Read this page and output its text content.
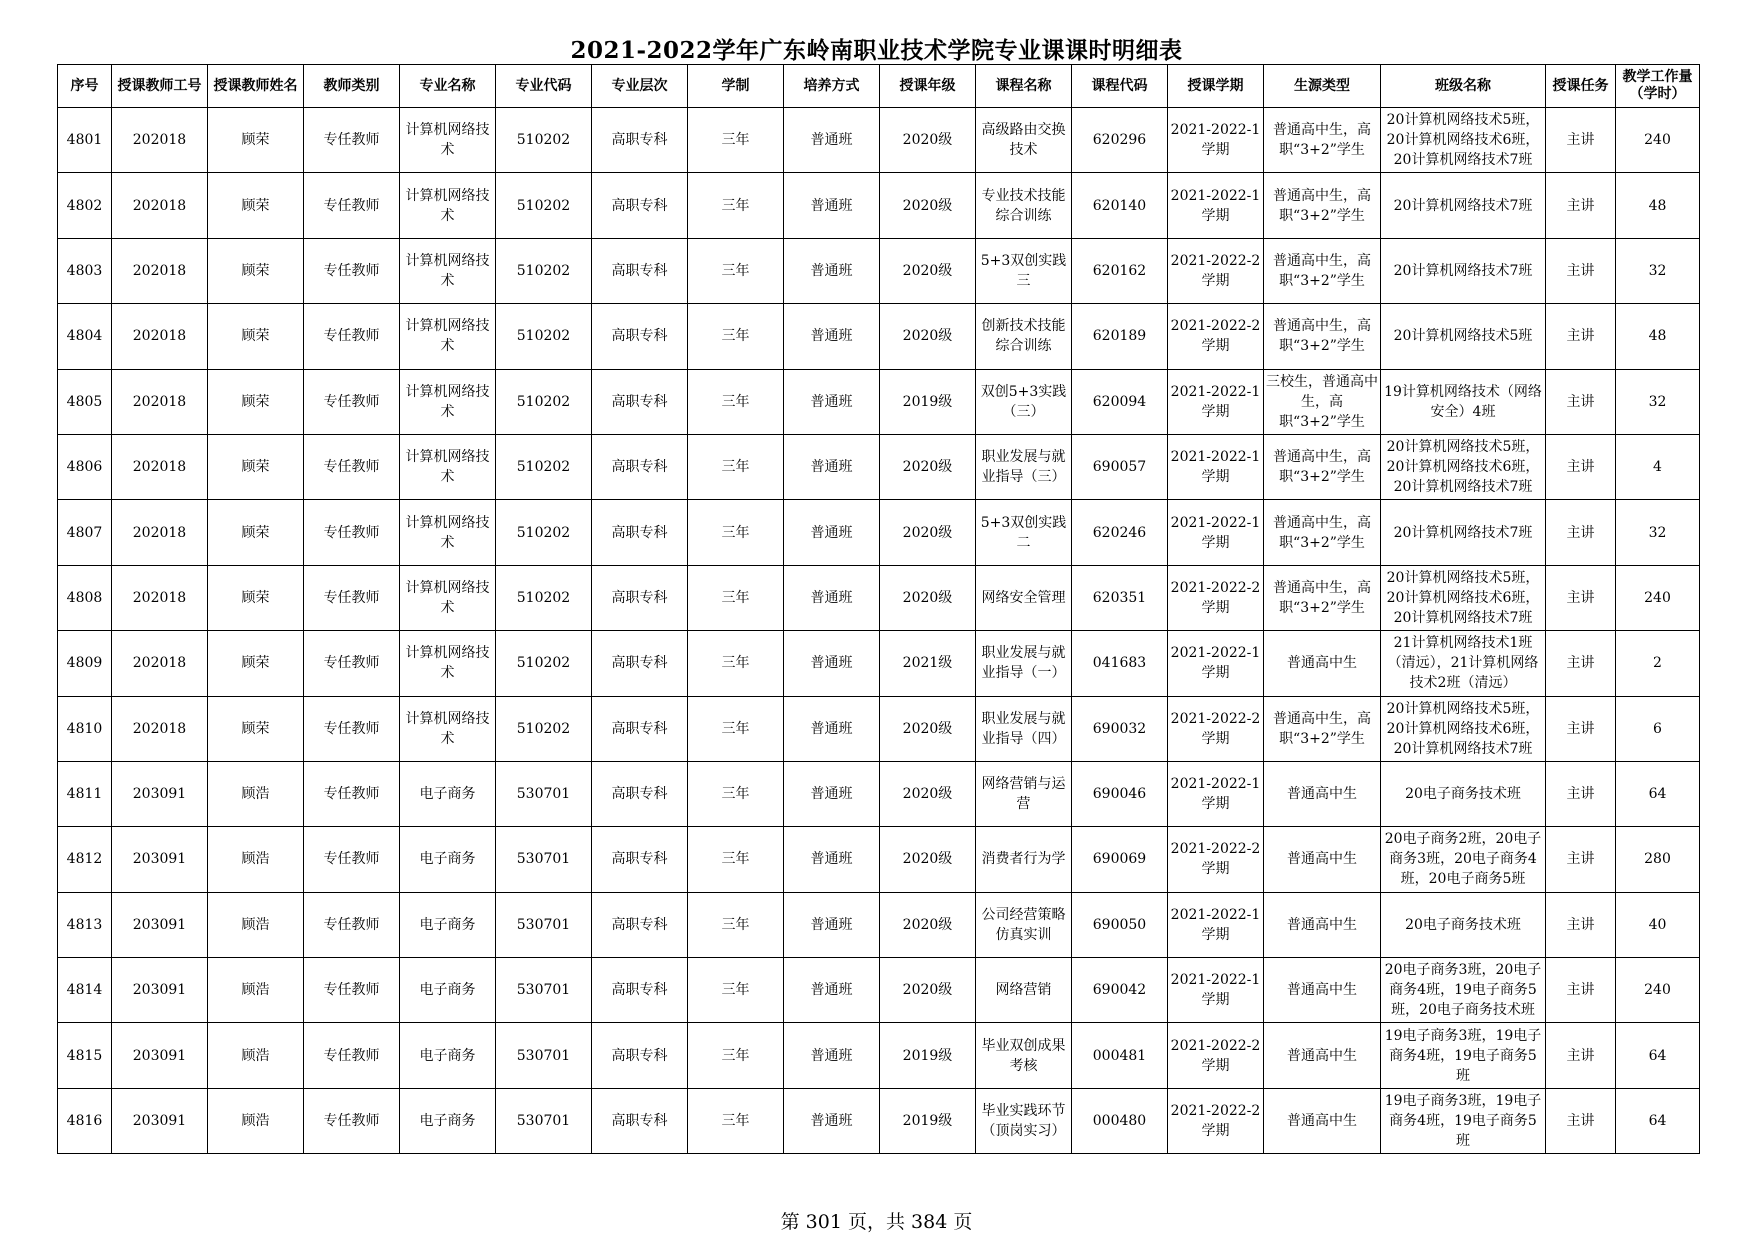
2021-2022学年广东岭南职业技术学院专业课课时明细表
序号	授课教师工号	授课教师姓名	教师类别	专业名称	专业代码	专业层次	学制	培养方式	授课年级	课程名称	课程代码	授课学期	生源类型	班级名称	授课任务	教学工作量（学时）

4801	202018	顾荣	专任教师	计算机网络技术	510202	高职专科	三年	普通班	2020级	高级路由交换技术	620296	2021-2022-1学期	普通高中生，高职“3+2”学生	20计算机网络技术5班，20计算机网络技术6班，20计算机网络技术7班	主讲	240

4802	202018	顾荣	专任教师	计算机网络技术	510202	高职专科	三年	普通班	2020级	专业技术技能综合训练	620140	2021-2022-1学期	普通高中生，高职“3+2”学生	20计算机网络技术7班	主讲	48

4803	202018	顾荣	专任教师	计算机网络技术	510202	高职专科	三年	普通班	2020级	5+3双创实践三	620162	2021-2022-2学期	普通高中生，高职“3+2”学生	20计算机网络技术7班	主讲	32

4804	202018	顾荣	专任教师	计算机网络技术	510202	高职专科	三年	普通班	2020级	创新技术技能综合训练	620189	2021-2022-2学期	普通高中生，高职“3+2”学生	20计算机网络技术5班	主讲	48

4805	202018	顾荣	专任教师	计算机网络技术	510202	高职专科	三年	普通班	2019级	双创5+3实践（三）	620094	2021-2022-1学期	三校生，普通高中生，高职“3+2”学生	19计算机网络技术（网络安全）4班	主讲	32

4806	202018	顾荣	专任教师	计算机网络技术	510202	高职专科	三年	普通班	2020级	职业发展与就业指导（三）	690057	2021-2022-1学期	普通高中生，高职“3+2”学生	20计算机网络技术5班，20计算机网络技术6班，20计算机网络技术7班	主讲	4

4807	202018	顾荣	专任教师	计算机网络技术	510202	高职专科	三年	普通班	2020级	5+3双创实践二	620246	2021-2022-1学期	普通高中生，高职“3+2”学生	20计算机网络技术7班	主讲	32

4808	202018	顾荣	专任教师	计算机网络技术	510202	高职专科	三年	普通班	2020级	网络安全管理	620351	2021-2022-2学期	普通高中生，高职“3+2”学生	20计算机网络技术5班，20计算机网络技术6班，20计算机网络技术7班	主讲	240

4809	202018	顾荣	专任教师	计算机网络技术	510202	高职专科	三年	普通班	2021级	职业发展与就业指导（一）	041683	2021-2022-1学期	普通高中生	21计算机网络技术1班（清远），21计算机网络技术2班（清远）	主讲	2

4810	202018	顾荣	专任教师	计算机网络技术	510202	高职专科	三年	普通班	2020级	职业发展与就业指导（四）	690032	2021-2022-2学期	普通高中生，高职“3+2”学生	20计算机网络技术5班，20计算机网络技术6班，20计算机网络技术7班	主讲	6

4811	203091	顾浩	专任教师	电子商务	530701	高职专科	三年	普通班	2020级	网络营销与运营	690046	2021-2022-1学期	普通高中生	20电子商务技术班	主讲	64

4812	203091	顾浩	专任教师	电子商务	530701	高职专科	三年	普通班	2020级	消费者行为学	690069	2021-2022-2学期	普通高中生	20电子商务2班，20电子商务3班，20电子商务4班，20电子商务5班	主讲	280

4813	203091	顾浩	专任教师	电子商务	530701	高职专科	三年	普通班	2020级	公司经营策略仿真实训	690050	2021-2022-1学期	普通高中生	20电子商务技术班	主讲	40

4814	203091	顾浩	专任教师	电子商务	530701	高职专科	三年	普通班	2020级	网络营销	690042	2021-2022-1学期	普通高中生	20电子商务3班，20电子商务4班，19电子商务5班，20电子商务技术班	主讲	240

4815	203091	顾浩	专任教师	电子商务	530701	高职专科	三年	普通班	2019级	毕业双创成果考核	000481	2021-2022-2学期	普通高中生	19电子商务3班，19电子商务4班，19电子商务5班	主讲	64

4816	203091	顾浩	专任教师	电子商务	530701	高职专科	三年	普通班	2019级	毕业实践环节（顶岗实习）	000480	2021-2022-2学期	普通高中生	19电子商务3班，19电子商务4班，19电子商务5班	主讲	64
第 301 页，共 384 页
